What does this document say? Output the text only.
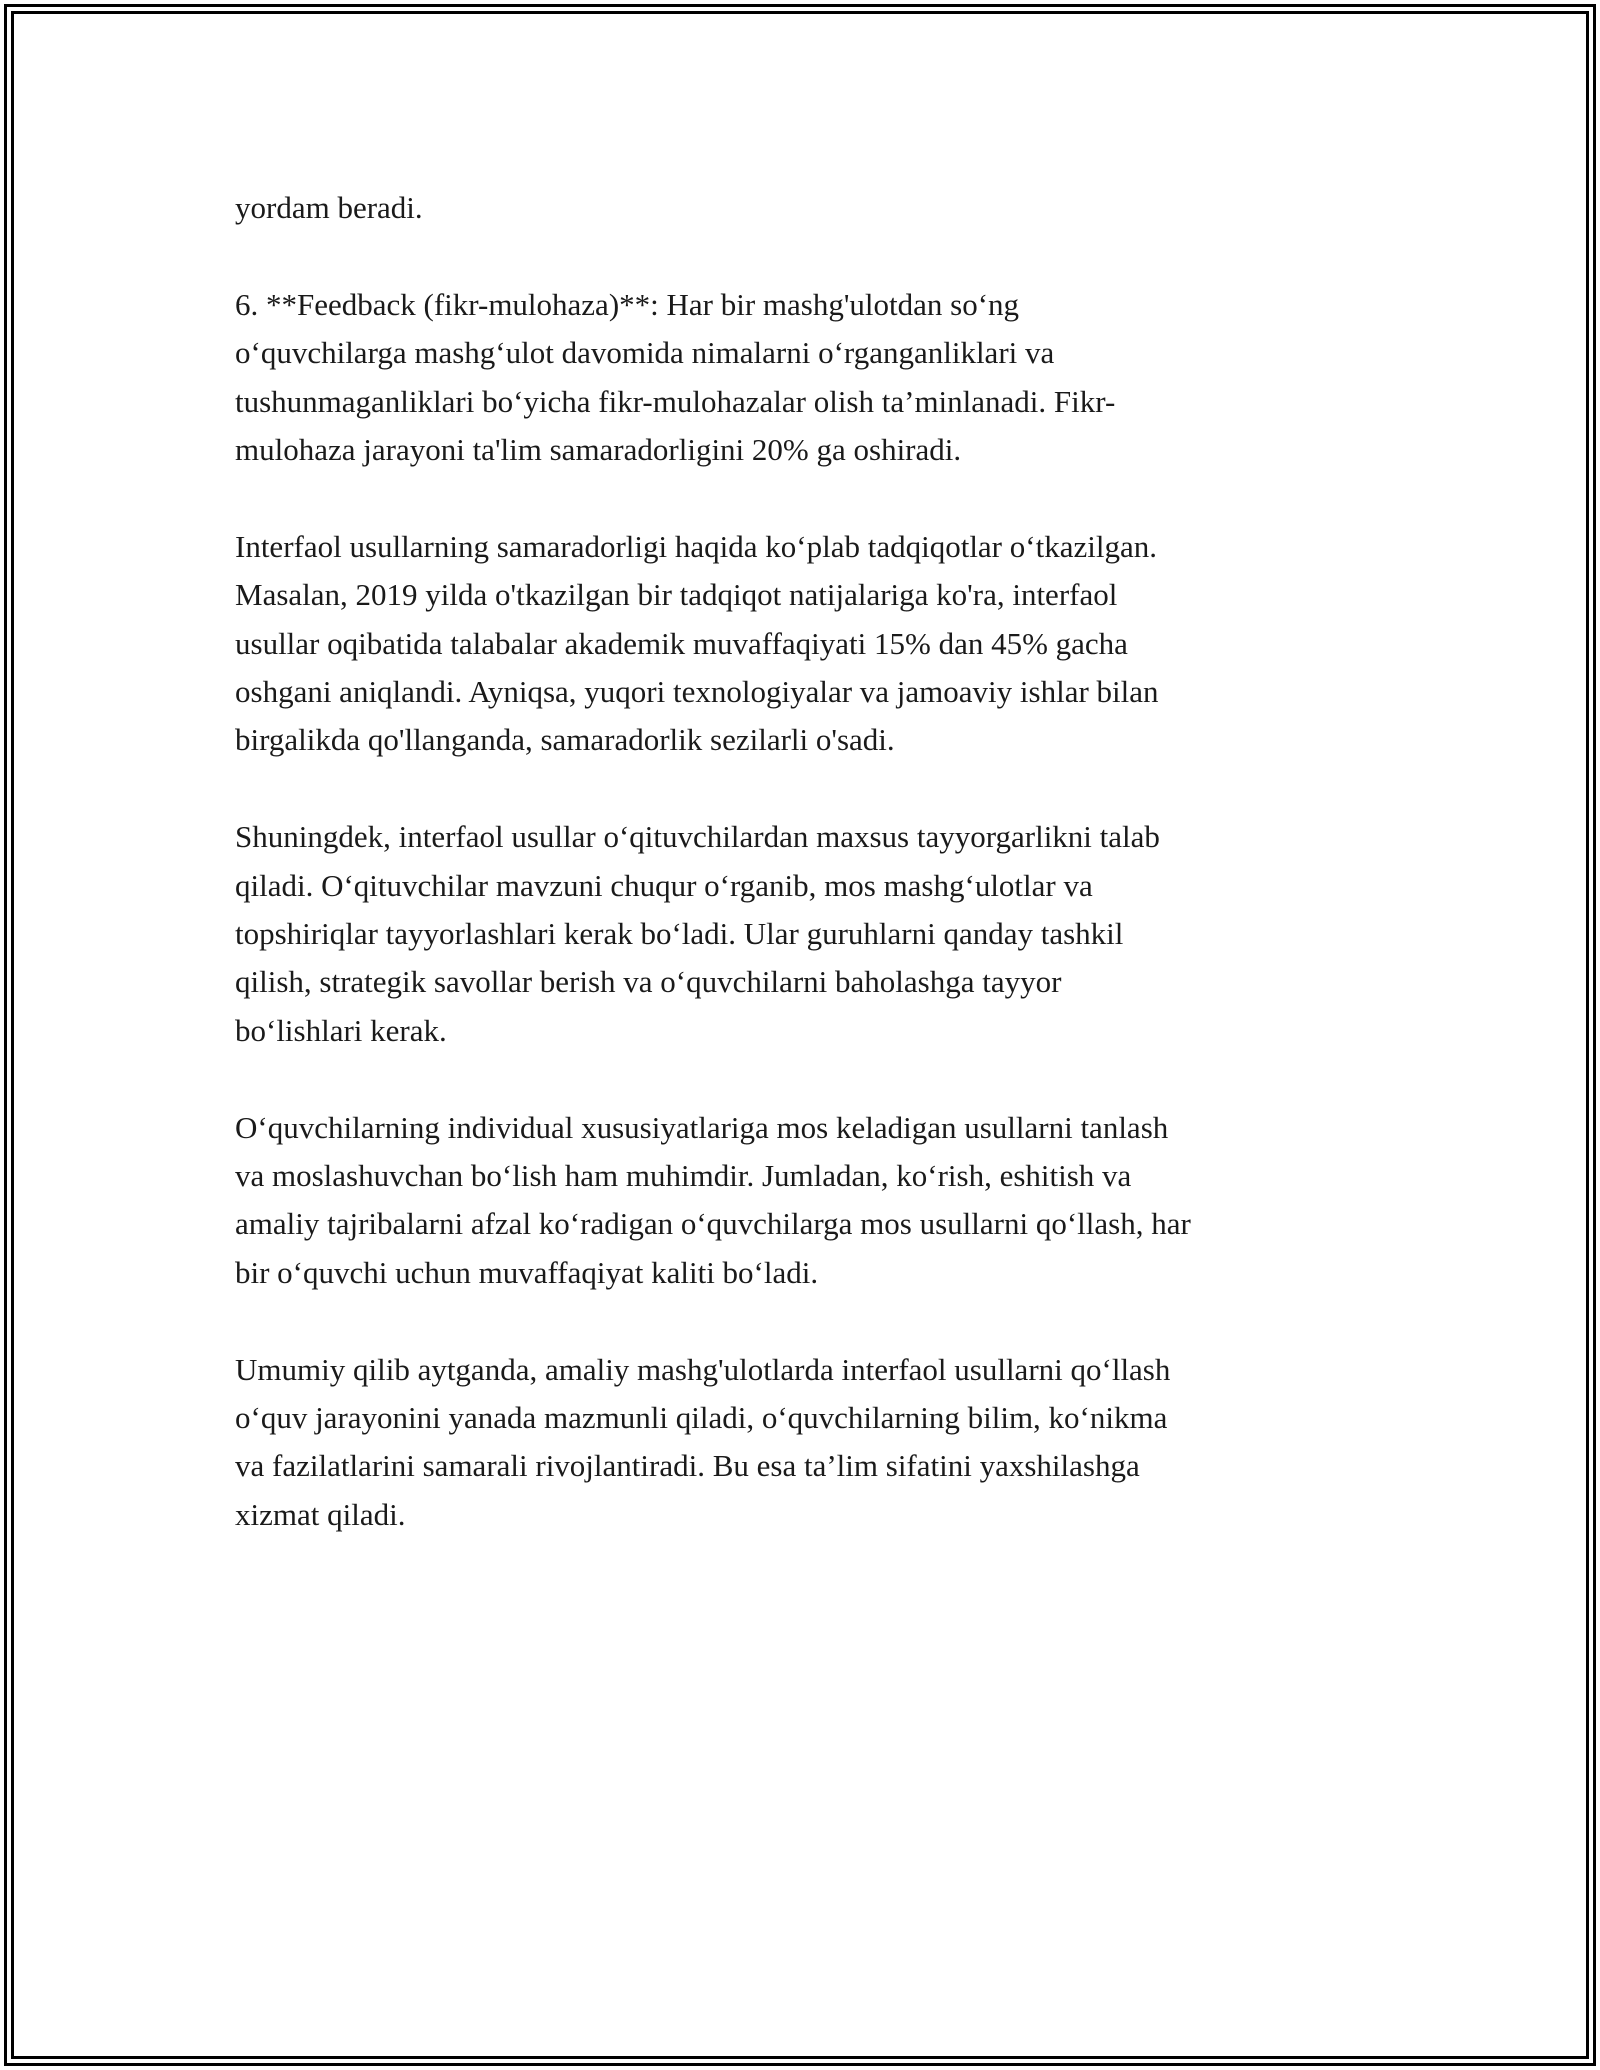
yordam beradi.

6. **Feedback (fikr-mulohaza)**: Har bir mashg'ulotdan so‘ng
o‘quvchilarga mashg‘ulot davomida nimalarni o‘rganganliklari va
tushunmaganliklari bo‘yicha fikr-mulohazalar olish ta’minlanadi. Fikr-
mulohaza jarayoni ta'lim samaradorligini 20% ga oshiradi.

Interfaol usullarning samaradorligi haqida ko‘plab tadqiqotlar o‘tkazilgan.
Masalan, 2019 yilda o'tkazilgan bir tadqiqot natijalariga ko'ra, interfaol
usullar oqibatida talabalar akademik muvaffaqiyati 15% dan 45% gacha
oshgani aniqlandi. Ayniqsa, yuqori texnologiyalar va jamoaviy ishlar bilan
birgalikda qo'llanganda, samaradorlik sezilarli o'sadi.

Shuningdek, interfaol usullar o‘qituvchilardan maxsus tayyorgarlikni talab
qiladi. O‘qituvchilar mavzuni chuqur o‘rganib, mos mashg‘ulotlar va
topshiriqlar tayyorlashlari kerak bo‘ladi. Ular guruhlarni qanday tashkil
qilish, strategik savollar berish va o‘quvchilarni baholashga tayyor
bo‘lishlari kerak.

O‘quvchilarning individual xususiyatlariga mos keladigan usullarni tanlash
va moslashuvchan bo‘lish ham muhimdir. Jumladan, ko‘rish, eshitish va
amaliy tajribalarni afzal ko‘radigan o‘quvchilarga mos usullarni qo‘llash, har
bir o‘quvchi uchun muvaffaqiyat kaliti bo‘ladi.

Umumiy qilib aytganda, amaliy mashg'ulotlarda interfaol usullarni qo‘llash
o‘quv jarayonini yanada mazmunli qiladi, o‘quvchilarning bilim, ko‘nikma
va fazilatlarini samarali rivojlantiradi. Bu esa ta’lim sifatini yaxshilashga
xizmat qiladi.
